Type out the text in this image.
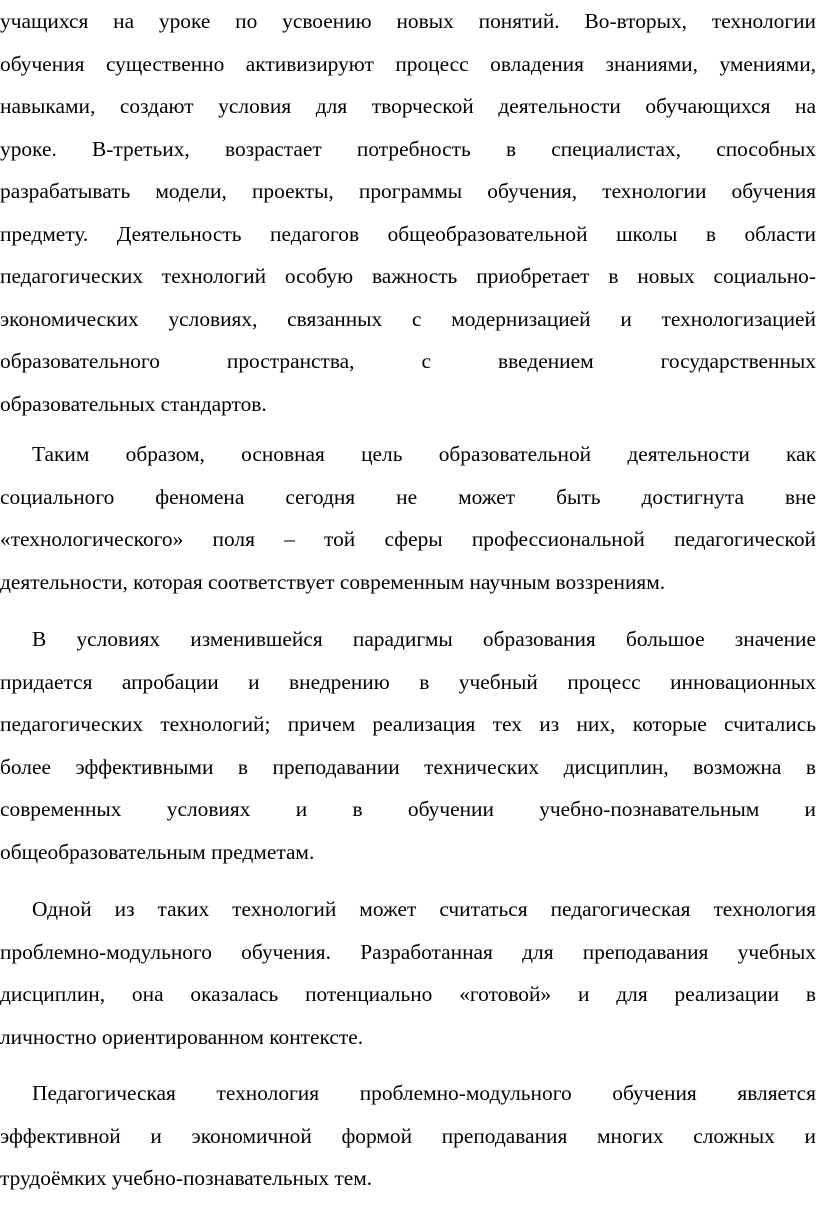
учащихся на уроке по усвоению новых понятий. Во-вторых, технологии
обучения существенно активизируют процесс овладения знаниями, умениями,
навыками, создают условия для творческой деятельности обучающихся на
уроке. В-третьих, возрастает потребность в специалистах, способных
разрабатывать модели, проекты, программы обучения, технологии обучения
предмету. Деятельность педагогов общеобразовательной школы в области
педагогических технологий особую важность приобретает в новых социально-
экономических условиях, связанных с модернизацией и технологизацией
образовательного пространства, с введением государственных
образовательных стандартов.
Таким образом, основная цель образовательной деятельности как
социального феномена сегодня не может быть достигнута вне
«технологического» поля – той сферы профессиональной педагогической
деятельности, которая соответствует современным научным воззрениям.
В условиях изменившейся парадигмы образования большое значение
придается апробации и внедрению в учебный процесс инновационных
педагогических технологий; причем реализация тех из них, которые считались
более эффективными в преподавании технических дисциплин, возможна в
современных условиях и в обучении учебно-познавательным и
общеобразовательным предметам.
Одной из таких технологий может считаться педагогическая технология
проблемно-модульного обучения. Разработанная для преподавания учебных
дисциплин, она оказалась потенциально «готовой» и для реализации в
личностно ориентированном контексте.
Педагогическая технология проблемно-модульного обучения является
эффективной и экономичной формой преподавания многих сложных и
трудоёмких учебно-познавательных тем.
